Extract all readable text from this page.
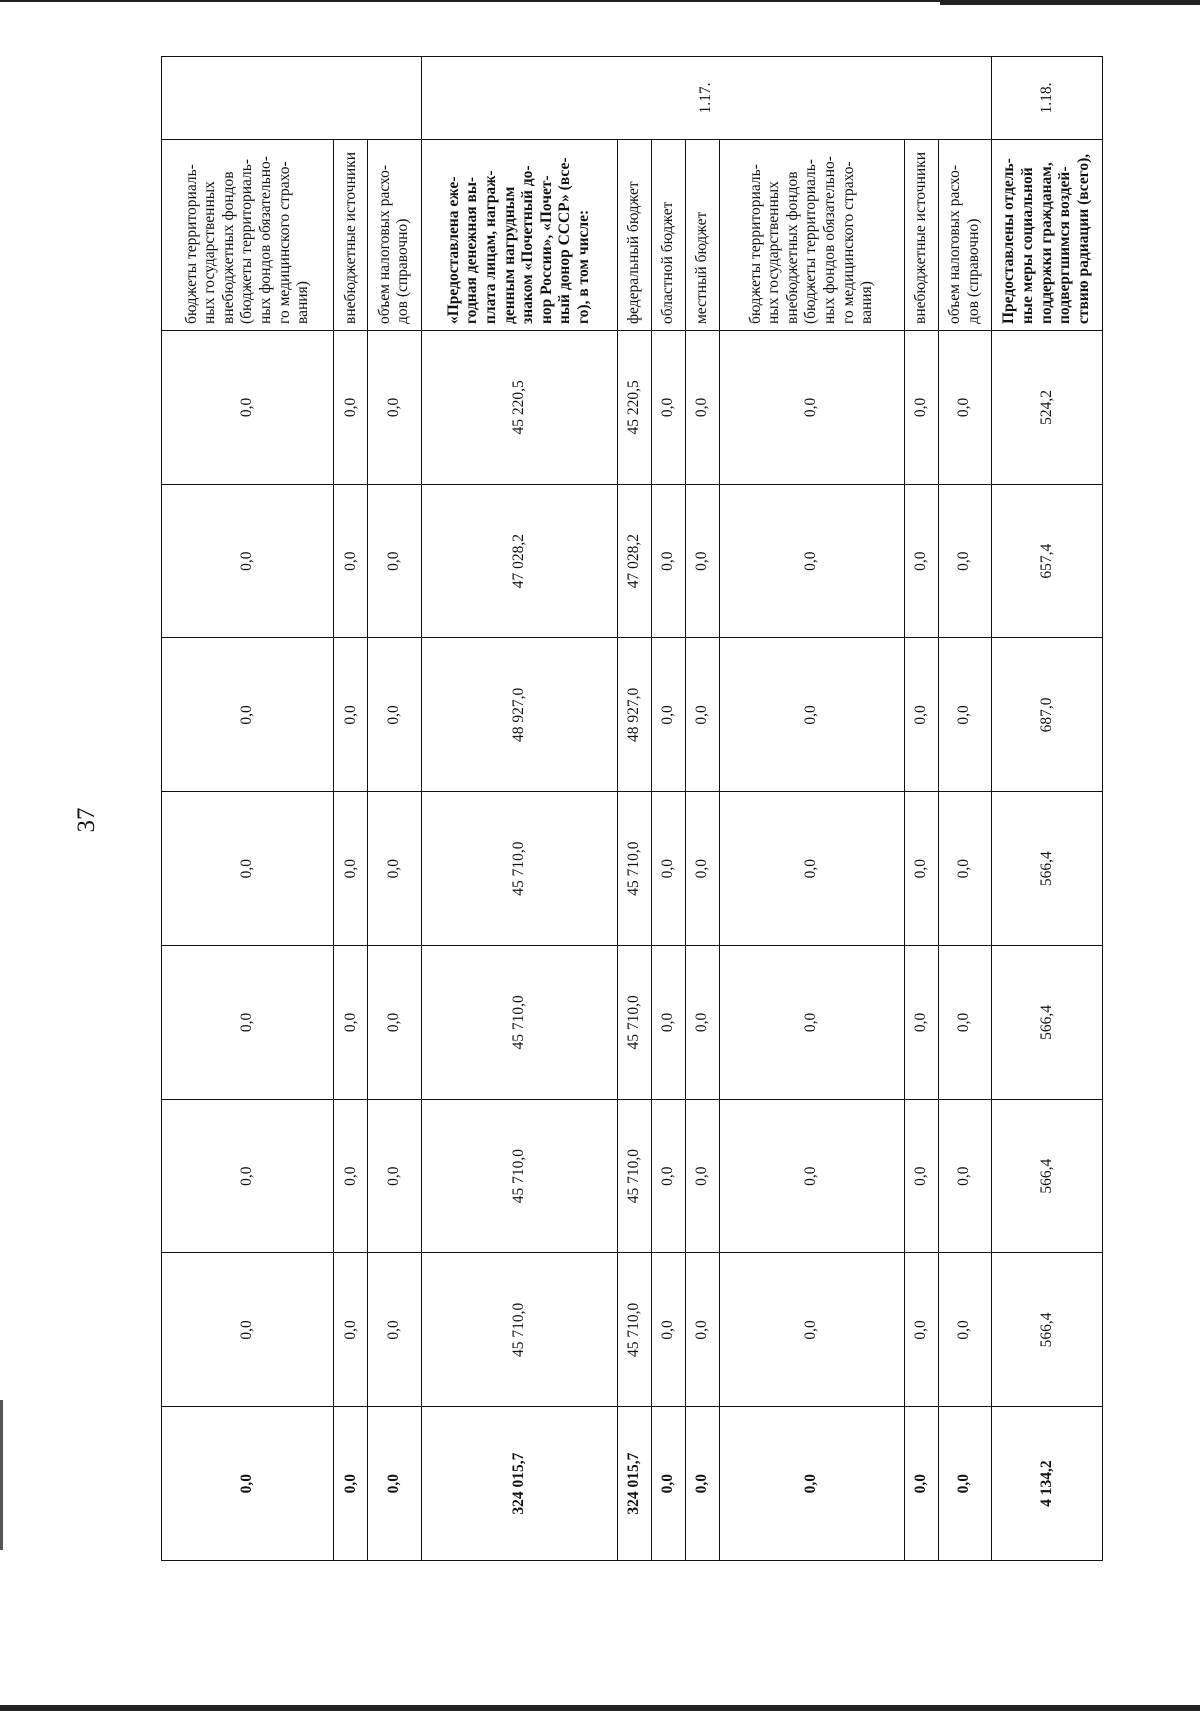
37
0,0	0,0	0,0	0,0	0,0	0,0	0,0	0,0	бюджеты территориаль-ных государственных внебюджетных фондов (бюджеты территориаль-ных фондов обязательно-го медицинского страхо-вания)	
0,0	0,0	0,0	0,0	0,0	0,0	0,0	0,0	внебюджетные источники	
0,0	0,0	0,0	0,0	0,0	0,0	0,0	0,0	объем налоговых расхо-дов (справочно)	
324 015,7	45 710,0	45 710,0	45 710,0	45 710,0	48 927,0	47 028,2	45 220,5	«Предоставлена еже-годная денежная вы-плата лицам, награж-денным нагрудным знаком «Почетный до-нор России», «Почет-ный донор СССР» (все-го), в том числе:	1.17.
324 015,7	45 710,0	45 710,0	45 710,0	45 710,0	48 927,0	47 028,2	45 220,5	федеральный бюджет	
0,0	0,0	0,0	0,0	0,0	0,0	0,0	0,0	областной бюджет	
0,0	0,0	0,0	0,0	0,0	0,0	0,0	0,0	местный бюджет	
0,0	0,0	0,0	0,0	0,0	0,0	0,0	0,0	бюджеты территориаль-ных государственных внебюджетных фондов (бюджеты территориаль-ных фондов обязательно-го медицинского страхо-вания)	
0,0	0,0	0,0	0,0	0,0	0,0	0,0	0,0	внебюджетные источники	
0,0	0,0	0,0	0,0	0,0	0,0	0,0	0,0	объем налоговых расхо-дов (справочно)	
4 134,2	566,4	566,4	566,4	566,4	687,0	657,4	524,2	Предоставлены отдель-ные меры социальной поддержки гражданам, подвергшимся воздей-ствию радиации (всего),	1.18.
